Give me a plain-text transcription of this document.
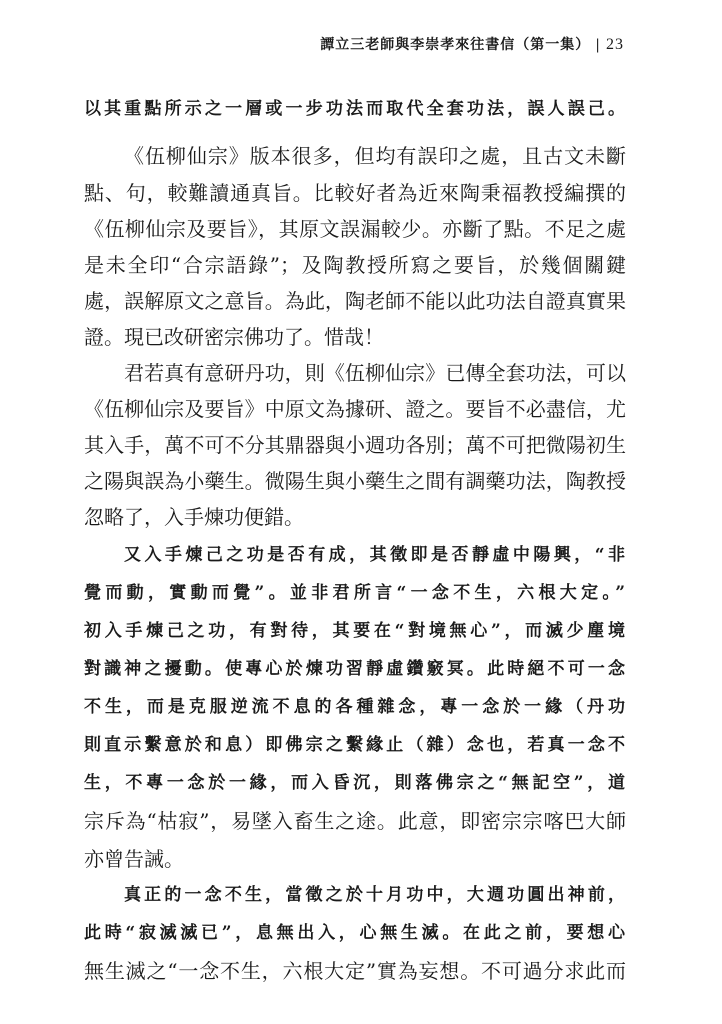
譚立三老師與李崇孝來往書信（第一集） | 23
以其重點所示之一層或一步功法而取代全套功法，誤人誤己。
《伍柳仙宗》版本很多，但均有誤印之處，且古文未斷
點、句，較難讀通真旨。比較好者為近來陶秉福教授編撰的
《伍柳仙宗及要旨》，其原文誤漏較少。亦斷了點。不足之處
是未全印“合宗語錄”；及陶教授所寫之要旨，於幾個關鍵
處，誤解原文之意旨。為此，陶老師不能以此功法自證真實果
證。現已改研密宗佛功了。惜哉！
君若真有意研丹功，則《伍柳仙宗》已傳全套功法，可以
《伍柳仙宗及要旨》中原文為據研、證之。要旨不必盡信，尤
其入手，萬不可不分其鼎器與小週功各別；萬不可把微陽初生
之陽與誤為小藥生。微陽生與小藥生之間有調藥功法，陶教授
忽略了，入手煉功便錯。
又入手煉己之功是否有成，其徵即是否靜虛中陽興，“非
覺而動，實動而覺”。並非君所言“一念不生，六根大定。”
初入手煉己之功，有對待，其要在“對境無心”，而滅少塵境
對識神之擾動。使專心於煉功習靜虛鑽竅冥。此時絕不可一念
不生，而是克服逆流不息的各種雜念，專一念於一緣（丹功
則直示繫意於和息）即佛宗之繫緣止（雜）念也，若真一念不
生，不專一念於一緣，而入昏沉，則落佛宗之“無記空”，道
宗斥為“枯寂”，易墜入畜生之途。此意，即密宗宗喀巴大師
亦曾告誡。
真正的一念不生，當徵之於十月功中，大週功圓出神前，
此時“寂滅滅已”，息無出入，心無生滅。在此之前，要想心
無生滅之“一念不生，六根大定”實為妄想。不可過分求此而
